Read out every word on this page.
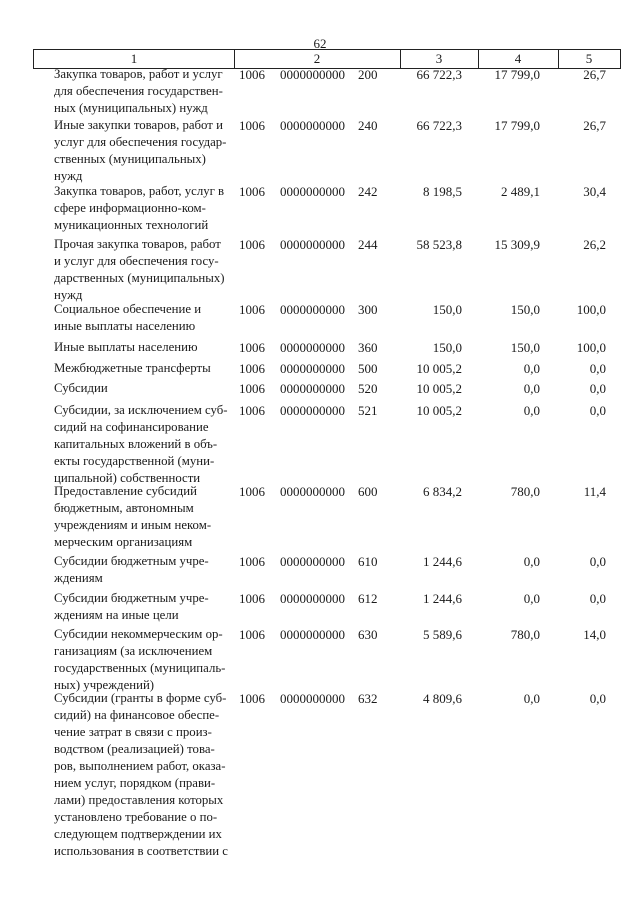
62
1	2	3	4	5
Закупка товаров, работ и услуг
для обеспечения государствен-
ных (муниципальных) нужд
1006	0000000000	200	66 722,3	17 799,0	26,7
Иные закупки товаров, работ и
услуг для обеспечения государ-
ственных (муниципальных)
нужд
1006	0000000000	240	66 722,3	17 799,0	26,7
Закупка товаров, работ, услуг в
сфере информационно-ком-
муникационных технологий
1006	0000000000	242	8 198,5	2 489,1	30,4
Прочая закупка товаров, работ
и услуг для обеспечения госу-
дарственных (муниципальных)
нужд
1006	0000000000	244	58 523,8	15 309,9	26,2
Социальное обеспечение и
иные выплаты населению
1006	0000000000	300	150,0	150,0	100,0
Иные выплаты населению	1006	0000000000	360	150,0	150,0	100,0
Межбюджетные трансферты	1006	0000000000	500	10 005,2	0,0	0,0
Субсидии	1006	0000000000	520	10 005,2	0,0	0,0
Субсидии, за исключением суб-
сидий на софинансирование
капитальных вложений в объ-
екты государственной (муни-
ципальной) собственности
1006	0000000000	521	10 005,2	0,0	0,0
Предоставление субсидий
бюджетным, автономным
учреждениям и иным неком-
мерческим организациям
1006	0000000000	600	6 834,2	780,0	11,4
Субсидии бюджетным учре-
ждениям
1006	0000000000	610	1 244,6	0,0	0,0
Субсидии бюджетным учре-
ждениям на иные цели
1006	0000000000	612	1 244,6	0,0	0,0
Субсидии некоммерческим ор-
ганизациям (за исключением
государственных (муниципаль-
ных) учреждений)
1006	0000000000	630	5 589,6	780,0	14,0
Субсидии (гранты в форме суб-
сидий) на финансовое обеспе-
чение затрат в связи с произ-
водством (реализацией) това-
ров, выполнением работ, оказа-
нием услуг, порядком (прави-
лами) предоставления которых
установлено требование о по-
следующем подтверждении их
использования в соответствии с
1006	0000000000	632	4 809,6	0,0	0,0
